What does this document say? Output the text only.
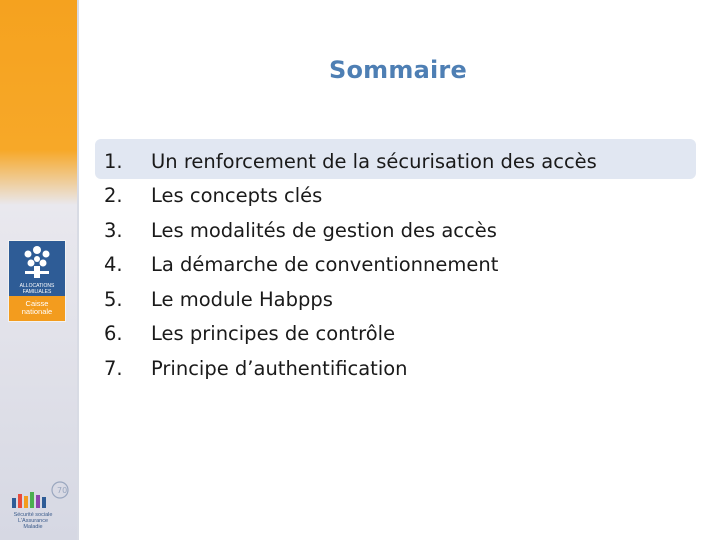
ALLOCATIONS
FAMILIALES
Caisse
nationale
70
Sécurité sociale
L'Assurance Maladie
Sommaire
1.	Un renforcement de la sécurisation des accès
2.	Les concepts clés
3.	Les modalités de gestion des accès
4.	La démarche de conventionnement
5.	Le module Habpps
6.	Les principes de contrôle
7.	Principe d’authentification
